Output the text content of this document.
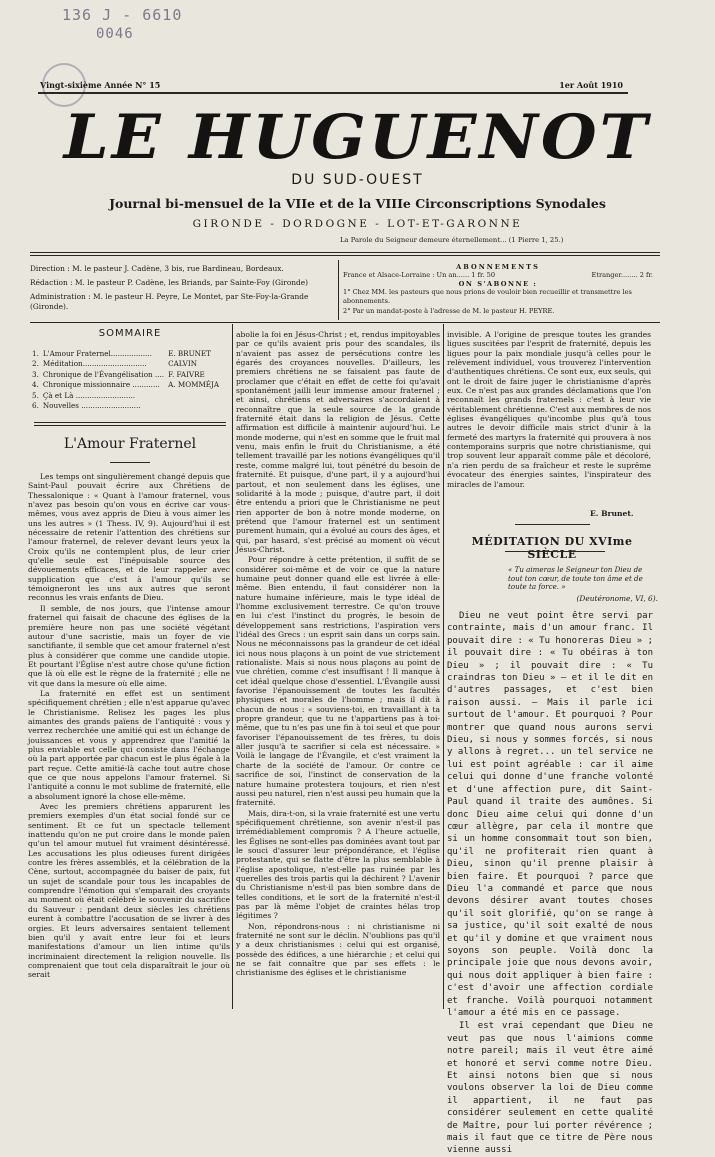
136 J - 6610
0046
Vingt-sixième Année N° 15	1er Août 1910
LE HUGUENOT
DU SUD-OUEST
Journal bi-mensuel de la VIIe et de la VIIIe Circonscriptions Synodales
GIRONDE - DORDOGNE - LOT-ET-GARONNE
La Parole du Seigneur demeure éternellement... (1 Pierre 1, 25.)
Direction : M. le pasteur J. Cadène, 3 bis, rue Bardineau, Bordeaux.
Rédaction : M. le pasteur P. Cadène, les Briands, par Sainte-Foy (Gironde)
Administration : M. le pasteur H. Peyre, Le Montet, par Ste-Foy-la-Grande (Gironde).
ABONNEMENTS
France et Alsace-Lorraine : Un an...... 1 fr. 50	Etranger........ 2 fr.
ON S'ABONNE :
1° Chez MM. les pasteurs que nous prions de vouloir bien recueillir et transmettre les abonnements.
2° Par un mandat-poste à l'adresse de M. le pasteur H. PEYRE.
SOMMAIRE
1.	L'Amour Fraternel..................	E. BRUNET
2.	Méditation............................	CALVIN
3.	Chronique de l'Évangélisation ....	F. FAIVRE
4.	Chronique missionnaire ............	A. MOMMÉJA
5.	Çà et Là ..........................	
6.	Nouvelles ..........................	
L'Amour Fraternel

Les temps ont singulièrement changé depuis que Saint-Paul pouvait écrire aux Chrétiens de Thessalonique : « Quant à l'amour fraternel, vous n'avez pas besoin qu'on vous en écrive car vous-mêmes, vous avez appris de Dieu à vous aimer les uns les autres » (1 Thess. IV, 9). Aujourd'hui il est nécessaire de retenir l'attention des chrétiens sur l'amour fraternel, de relever devant leurs yeux la Croix qu'ils ne contemplent plus, de leur crier qu'elle seule est l'inépuisable source des dévouements efficaces, et de leur rappeler avec supplication que c'est à l'amour qu'ils se témoigneront les uns aux autres que seront reconnus les vrais enfants de Dieu.

Il semble, de nos jours, que l'intense amour fraternel qui faisait de chacune des églises de la première heure non pas une société végétant autour d'une sacristie, mais un foyer de vie sanctifiante, il semble que cet amour fraternel n'est plus à considérer que comme une candide utopie. Et pourtant l'Église n'est autre chose qu'une fiction que là où elle est le règne de la fraternité ; elle ne vit que dans la mesure où elle aime.

La fraternité en effet est un sentiment spécifiquement chrétien ; elle n'est apparue qu'avec le Christianisme. Relisez les pages les plus aimantes des grands païens de l'antiquité : vous y verrez recherchée une amitié qui est un échange de jouissances et vous y apprendrez que l'amitié la plus enviable est celle qui consiste dans l'échange où la part apportée par chacun est le plus égale à la part reçue. Cette amitié-là cache tout autre chose que ce que nous appelons l'amour fraternel. Si l'antiquité a connu le mot sublime de fraternité, elle a absolument ignoré la chose elle-même.

Avec les premiers chrétiens apparurent les premiers exemples d'un état social fondé sur ce sentiment. Et ce fut un spectacle tellement inattendu qu'on ne put croire dans le monde païen qu'un tel amour mutuel fut vraiment désintéressé. Les accusations les plus odieuses furent dirigées contre les frères assemblés, et la célébration de la Cène, surtout, accompagnée du baiser de paix, fut un sujet de scandale pour tous les incapables de comprendre l'émotion qui s'emparait des croyants au moment où était célébré le souvenir du sacrifice du Sauveur : pendant deux siècles les chrétiens eurent à combattre l'accusation de se livrer à des orgies. Et leurs adversaires sentaient tellement bien qu'il y avait entre leur foi et leurs manifestations d'amour un lien intime qu'ils incriminaient directement la religion nouvelle. Ils comprenaient que tout cela disparaîtrait le jour où serait

abolie la foi en Jésus-Christ ; et, rendus impitoyables par ce qu'ils avaient pris pour des scandales, ils n'avaient pas assez de persécutions contre les égarés des croyances nouvelles. D'ailleurs, les premiers chrétiens ne se faisaient pas faute de proclamer que c'était en effet de cette foi qu'avait spontanément jailli leur immense amour fraternel ; et ainsi, chrétiens et adversaires s'accordaient à reconnaître que la seule source de la grande fraternité était dans la religion de Jésus. Cette affirmation est difficile à maintenir aujourd'hui. Le monde moderne, qui n'est en somme que le fruit mal venu, mais enfin le fruit du Christianisme, a été tellement travaillé par les notions évangéliques qu'il reste, comme malgré lui, tout pénétré du besoin de fraternité. Et puisque, d'une part, il y a aujourd'hui partout, et non seulement dans les églises, une solidarité à la mode ; puisque, d'autre part, il doit être entendu a priori que le Christianisme ne peut rien apporter de bon à notre monde moderne, on prétend que l'amour fraternel est un sentiment purement humain, qui a évolué au cours des âges, et qui, par hasard, s'est précisé au moment où vécut Jésus-Christ.

Pour répondre à cette prétention, il suffit de se considérer soi-même et de voir ce que la nature humaine peut donner quand elle est livrée à elle-même. Bien entendu, il faut considérer non la nature humaine inférieure, mais le type idéal de l'homme exclusivement terrestre. Ce qu'on trouve en lui c'est l'instinct du progrès, le besoin de développement sans restrictions, l'aspiration vers l'idéal des Grecs : un esprit sain dans un corps sain. Nous ne méconnaissons pas la grandeur de cet idéal ici nous nous plaçons à un point de vue strictement rationaliste. Mais si nous nous plaçons au point de vue chrétien, comme c'est insuffisant ! Il manque à cet idéal quelque chose d'essentiel. L'Évangile aussi favorise l'épanouissement de toutes les facultés physiques et morales de l'homme ; mais il dit à chacun de nous : « souviens-toi, en travaillant à ta propre grandeur, que tu ne t'appartiens pas à toi-même, que tu n'es pas une fin à toi seul et que pour favoriser l'épanouissement de tes frères, tu dois aller jusqu'à te sacrifier si cela est nécessaire. » Voilà le langage de l'Évangile, et c'est vraiment la charte de la société de l'amour. Or contre ce sacrifice de soi, l'instinct de conservation de la nature humaine protestera toujours, et rien n'est aussi peu naturel, rien n'est aussi peu humain que la fraternité.

Mais, dira-t-on, si la vraie fraternité est une vertu spécifiquement chrétienne, son avenir n'est-il pas irrémédiablement compromis ? A l'heure actuelle, les Églises ne sont-elles pas dominées avant tout par le souci d'assurer leur prépondérance, et l'église protestante, qui se flatte d'être la plus semblable à l'église apostolique, n'est-elle pas ruinée par les querelles des trois partis qui la déchirent ? L'avenir du Christianisme n'est-il pas bien sombre dans de telles conditions, et le sort de la fraternité n'est-il pas par là même l'objet de craintes hélas trop légitimes ?

Non, répondrons-nous : ni christianisme ni fraternité ne sont sur le déclin. N'oublions pas qu'il y a deux christianismes : celui qui est organisé, possède des édifices, a une hiérarchie ; et celui qui ne se fait connaître que par ses effets : le christianisme des églises et le christianisme

invisible. A l'origine de presque toutes les grandes ligues suscitées par l'esprit de fraternité, depuis les ligues pour la paix mondiale jusqu'à celles pour le relèvement individuel, vous trouverez l'intervention d'authentiques chrétiens. Ce sont eux, eux seuls, qui ont le droit de faire juger le christianisme d'après eux. Ce n'est pas aux grandes déclamations que l'on reconnaît les grands fraternels : c'est à leur vie véritablement chrétienne. C'est aux membres de nos églises évangéliques qu'incombe plus qu'à tous autres le devoir difficile mais strict d'unir à la fermeté des martyrs la fraternité qui prouvera à nos contemporains surpris que notre christianisme, qui trop souvent leur apparaît comme pâle et décoloré, n'a rien perdu de sa fraîcheur et reste le suprême évocateur des énergies saintes, l'inspirateur des miracles de l'amour.

E. Brunet.
MÉDITATION DU XVIme SIÈCLE
« Tu aimeras le Seigneur ton Dieu de tout ton cœur, de toute ton âme et de toute ta force. »
(Deutéronome, VI, 6).

Dieu ne veut point être servi par contrainte, mais d'un amour franc. Il pouvait dire : « Tu honoreras Dieu » ; il pouvait dire : « Tu obéiras à ton Dieu » ; il pouvait dire : « Tu craindras ton Dieu » — et il le dit en d'autres passages, et c'est bien raison aussi. — Mais il parle ici surtout de l'amour. Et pourquoi ? Pour montrer que quand nous aurons servi Dieu, si nous y sommes forcés, si nous y allons à regret... un tel service ne lui est point agréable : car il aime celui qui donne d'une franche volonté et d'une affection pure, dit Saint-Paul quand il traite des aumônes. Si donc Dieu aime celui qui donne d'un cœur allègre, par cela il montre que si un homme consommait tout son bien, qu'il ne profiterait rien quant à Dieu, sinon qu'il prenne plaisir à bien faire. Et pourquoi ? parce que Dieu l'a commandé et parce que nous devons désirer avant toutes choses qu'il soit glorifié, qu'on se range à sa justice, qu'il soit exalté de nous et qu'il y domine et que vraiment nous soyons son peuple. Voilà donc la principale joie que nous devons avoir, qui nous doit appliquer à bien faire : c'est d'avoir une affection cordiale et franche. Voilà pourquoi notamment l'amour a été mis en ce passage.

Il est vrai cependant que Dieu ne veut pas que nous l'aimions comme notre pareil; mais il veut être aimé et honoré et servi comme notre Dieu. Et ainsi notons bien que si nous voulons observer la loi de Dieu comme il appartient, il ne faut pas considérer seulement en cette qualité de Maître, pour lui porter révérence ; mais il faut que ce titre de Père nous vienne aussi
